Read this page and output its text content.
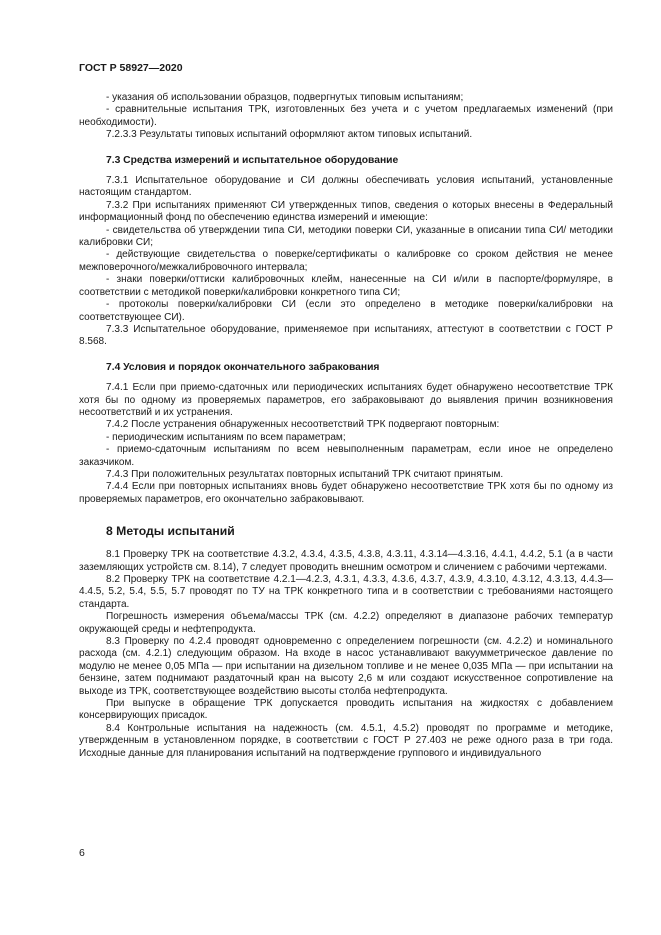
ГОСТ Р 58927—2020

- указания об использовании образцов, подвергнутых типовым испытаниям;

- сравнительные испытания ТРК, изготовленных без учета и с учетом предлагаемых изменений (при необходимости).

7.2.3.3 Результаты типовых испытаний оформляют актом типовых испытаний.

7.3 Средства измерений и испытательное оборудование

7.3.1 Испытательное оборудование и СИ должны обеспечивать условия испытаний, установленные настоящим стандартом.

7.3.2 При испытаниях применяют СИ утвержденных типов, сведения о которых внесены в Федеральный информационный фонд по обеспечению единства измерений и имеющие:

- свидетельства об утверждении типа СИ, методики поверки СИ, указанные в описании типа СИ/ методики калибровки СИ;

- действующие свидетельства о поверке/сертификаты о калибровке со сроком действия не менее межповерочного/межкалибровочного интервала;

- знаки поверки/оттиски калибровочных клейм, нанесенные на СИ и/или в паспорте/формуляре, в соответствии с методикой поверки/калибровки конкретного типа СИ;

- протоколы поверки/калибровки СИ (если это определено в методике поверки/калибровки на соответствующее СИ).

7.3.3 Испытательное оборудование, применяемое при испытаниях, аттестуют в соответствии с ГОСТ Р 8.568.

7.4 Условия и порядок окончательного забракования

7.4.1 Если при приемо-сдаточных или периодических испытаниях будет обнаружено несоответствие ТРК хотя бы по одному из проверяемых параметров, его забраковывают до выявления причин возникновения несоответствий и их устранения.

7.4.2 После устранения обнаруженных несоответствий ТРК подвергают повторным:

- периодическим испытаниям по всем параметрам;

- приемо-сдаточным испытаниям по всем невыполненным параметрам, если иное не определено заказчиком.

7.4.3 При положительных результатах повторных испытаний ТРК считают принятым.

7.4.4 Если при повторных испытаниях вновь будет обнаружено несоответствие ТРК хотя бы по одному из проверяемых параметров, его окончательно забраковывают.

8 Методы испытаний

8.1 Проверку ТРК на соответствие 4.3.2, 4.3.4, 4.3.5, 4.3.8, 4.3.11, 4.3.14—4.3.16, 4.4.1, 4.4.2, 5.1 (а в части заземляющих устройств см. 8.14), 7 следует проводить внешним осмотром и сличением с рабочими чертежами.

8.2 Проверку ТРК на соответствие 4.2.1—4.2.3, 4.3.1, 4.3.3, 4.3.6, 4.3.7, 4.3.9, 4.3.10, 4.3.12, 4.3.13, 4.4.3—4.4.5, 5.2, 5.4, 5.5, 5.7 проводят по ТУ на ТРК конкретного типа и в соответствии с требованиями настоящего стандарта.

Погрешность измерения объема/массы ТРК (см. 4.2.2) определяют в диапазоне рабочих температур окружающей среды и нефтепродукта.

8.3 Проверку по 4.2.4 проводят одновременно с определением погрешности (см. 4.2.2) и номинального расхода (см. 4.2.1) следующим образом. На входе в насос устанавливают вакуумметрическое давление по модулю не менее 0,05 МПа — при испытании на дизельном топливе и не менее 0,035 МПа — при испытании на бензине, затем поднимают раздаточный кран на высоту 2,6 м или создают искусственное сопротивление на выходе из ТРК, соответствующее воздействию высоты столба нефтепродукта.

При выпуске в обращение ТРК допускается проводить испытания на жидкостях с добавлением консервирующих присадок.

8.4 Контрольные испытания на надежность (см. 4.5.1, 4.5.2) проводят по программе и методике, утвержденным в установленном порядке, в соответствии с ГОСТ Р 27.403 не реже одного раза в три года. Исходные данные для планирования испытаний на подтверждение группового и индивидуального

6
